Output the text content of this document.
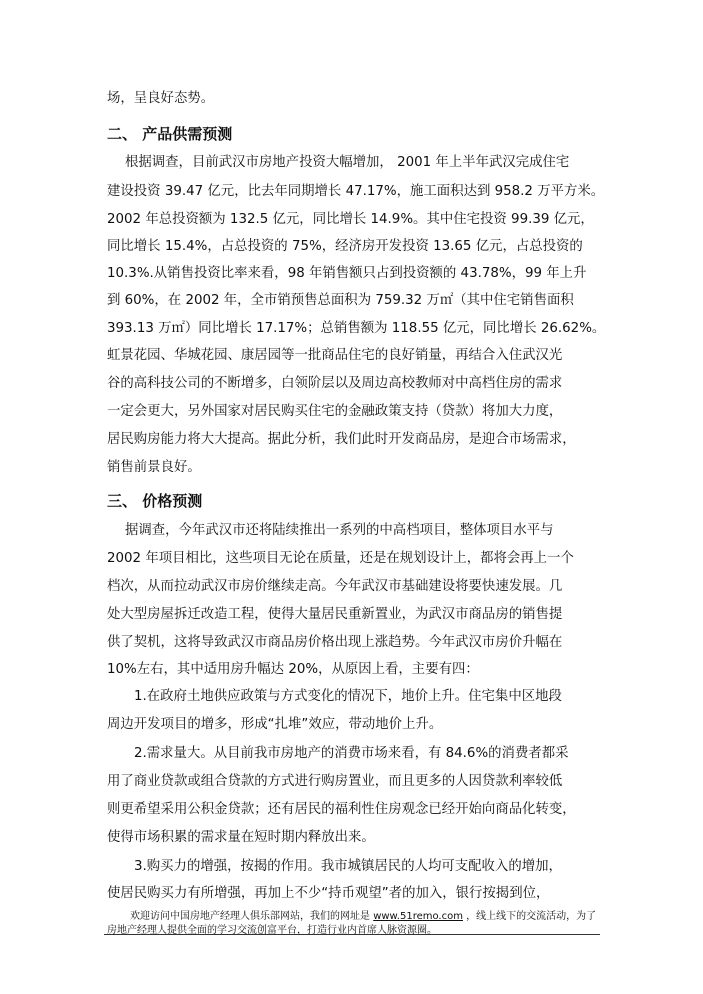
场，呈良好态势。
二、 产品供需预测
根据调查，目前武汉市房地产投资大幅增加， 2001 年上半年武汉完成住宅
建设投资 39.47 亿元，比去年同期增长 47.17%，施工面积达到 958.2 万平方米。
2002 年总投资额为 132.5 亿元，同比增长 14.9%。其中住宅投资 99.39 亿元，
同比增长 15.4%，占总投资的 75%，经济房开发投资 13.65 亿元，占总投资的
10.3%.从销售投资比率来看，98 年销售额只占到投资额的 43.78%，99 年上升
到 60%，在 2002 年，全市销预售总面积为 759.32 万㎡（其中住宅销售面积
393.13 万㎡）同比增长 17.17%；总销售额为 118.55 亿元，同比增长 26.62%。
虹景花园、华城花园、康居园等一批商品住宅的良好销量，再结合入住武汉光
谷的高科技公司的不断增多，白领阶层以及周边高校教师对中高档住房的需求
一定会更大，另外国家对居民购买住宅的金融政策支持（贷款）将加大力度，
居民购房能力将大大提高。据此分析，我们此时开发商品房，是迎合市场需求，
销售前景良好。
三、 价格预测
据调查，今年武汉市还将陆续推出一系列的中高档项目，整体项目水平与
2002 年项目相比，这些项目无论在质量，还是在规划设计上，都将会再上一个
档次，从而拉动武汉市房价继续走高。今年武汉市基础建设将要快速发展。几
处大型房屋拆迁改造工程，使得大量居民重新置业，为武汉市商品房的销售提
供了契机，这将导致武汉市商品房价格出现上涨趋势。今年武汉市房价升幅在
10%左右，其中适用房升幅达 20%，从原因上看，主要有四：
1.在政府土地供应政策与方式变化的情况下，地价上升。住宅集中区地段
周边开发项目的增多，形成“扎堆”效应，带动地价上升。
2.需求量大。从目前我市房地产的消费市场来看，有 84.6%的消费者都采
用了商业贷款或组合贷款的方式进行购房置业，而且更多的人因贷款利率较低
则更希望采用公积金贷款；还有居民的福利性住房观念已经开始向商品化转变，
使得市场积累的需求量在短时期内释放出来。
3.购买力的增强，按揭的作用。我市城镇居民的人均可支配收入的增加，
使居民购买力有所增强，再加上不少“持币观望”者的加入，银行按揭到位，
欢迎访问中国房地产经理人俱乐部网站，我们的网址是 www.51remo.com ，线上线下的交流活动，为了
房地产经理人提供全面的学习交流创富平台，打造行业内首席人脉资源圈。
